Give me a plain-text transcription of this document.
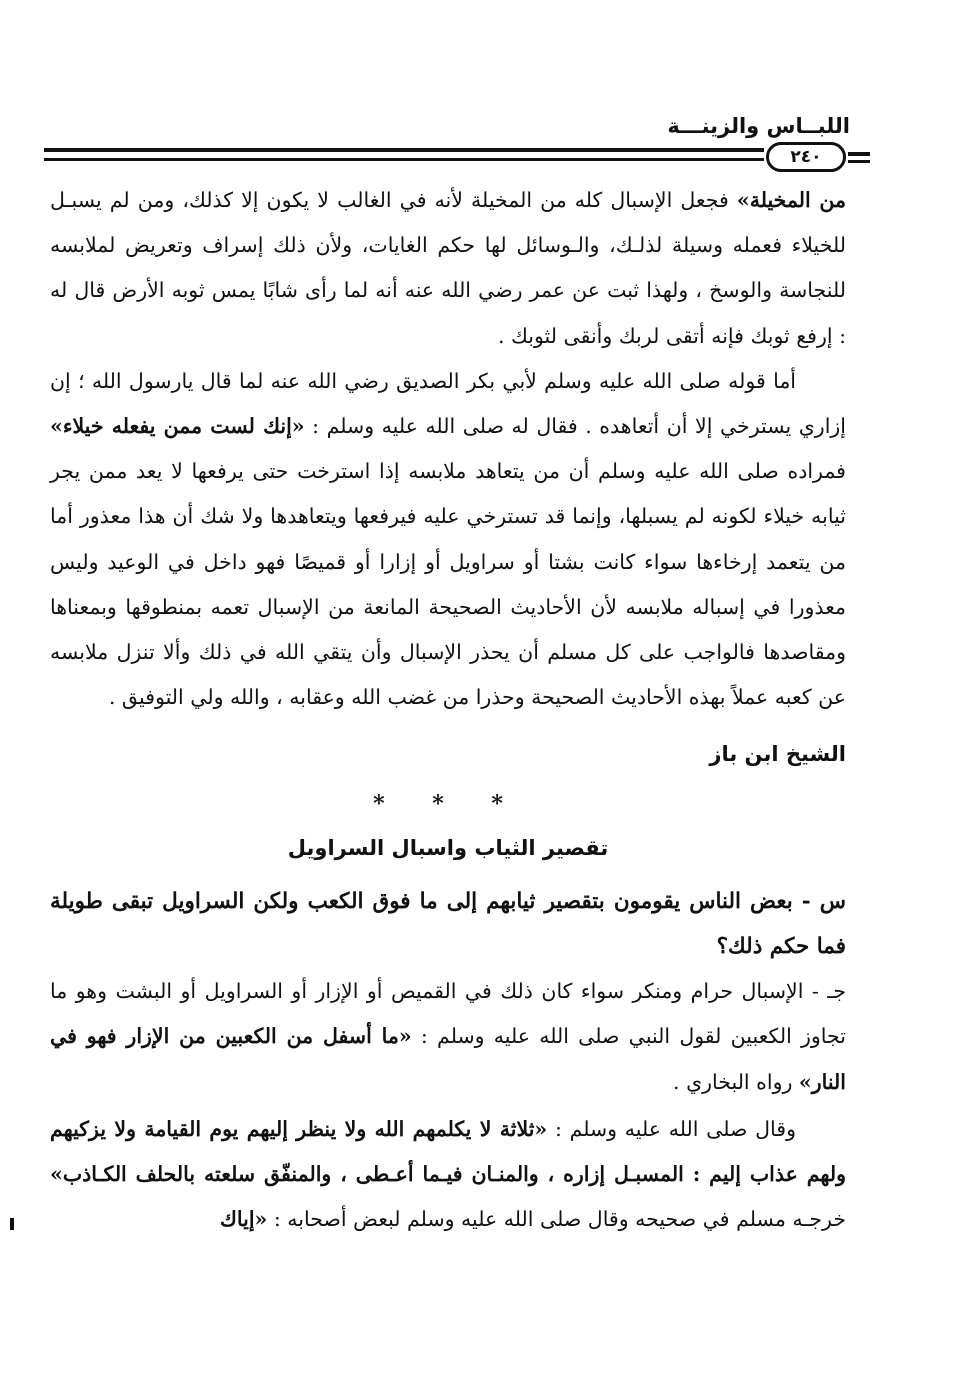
اللبــاس والزينـــة
٢٤٠

من المخيلة» فجعل الإسبال كله من المخيلة لأنه في الغالب لا يكون إلا كذلك، ومن لم يسبـل للخيلاء فعمله وسيلة لذلـك، والـوسائل لها حكم الغايات، ولأن ذلك إسراف وتعريض لملابسه للنجاسة والوسخ ، ولهذا ثبت عن عمر رضي الله عنه أنه لما رأى شابًا يمس ثوبه الأرض قال له : إرفع ثوبك فإنه أتقى لربك وأنقى لثوبك .

أما قوله صلى الله عليه وسلم لأبي بكر الصديق رضي الله عنه لما قال يارسول الله ؛ إن إزاري يسترخي إلا أن أتعاهده . فقال له صلى الله عليه وسلم : «إنك لست ممن يفعله خيلاء» فمراده صلى الله عليه وسلم أن من يتعاهد ملابسه إذا استرخت حتى يرفعها لا يعد ممن يجر ثيابه خيلاء لكونه لم يسبلها، وإنما قد تسترخي عليه فيرفعها ويتعاهدها ولا شك أن هذا معذور أما من يتعمد إرخاءها سواء كانت بشتا أو سراويل أو إزارا أو قميصًا فهو داخل في الوعيد وليس معذورا في إسباله ملابسه لأن الأحاديث الصحيحة المانعة من الإسبال تعمه بمنطوقها وبمعناها ومقاصدها فالواجب على كل مسلم أن يحذر الإسبال وأن يتقي الله في ذلك وألا تنزل ملابسه عن كعبه عملاً بهذه الأحاديث الصحيحة وحذرا من غضب الله وعقابه ، والله ولي التوفيق .

الشيخ ابن باز

* * *

تقصير الثياب واسبال السراويل

س - بعض الناس يقومون بتقصير ثيابهم إلى ما فوق الكعب ولكن السراويل تبقى طويلة فما حكم ذلك؟

جـ - الإسبال حرام ومنكر سواء كان ذلك في القميص أو الإزار أو السراويل أو البشت وهو ما تجاوز الكعبين لقول النبي صلى الله عليه وسلم : «ما أسفل من الكعبين من الإزار فهو في النار» رواه البخاري .

وقال صلى الله عليه وسلم : «ثلاثة لا يكلمهم الله ولا ينظر إليهم يوم القيامة ولا يزكيهم ولهم عذاب إليم : المسبـل إزاره ، والمنـان فيـما أعـطى ، والمنفّق سلعته بالحلف الكـاذب» خرجـه مسلم في صحيحه وقال صلى الله عليه وسلم لبعض أصحابه : «إياك
